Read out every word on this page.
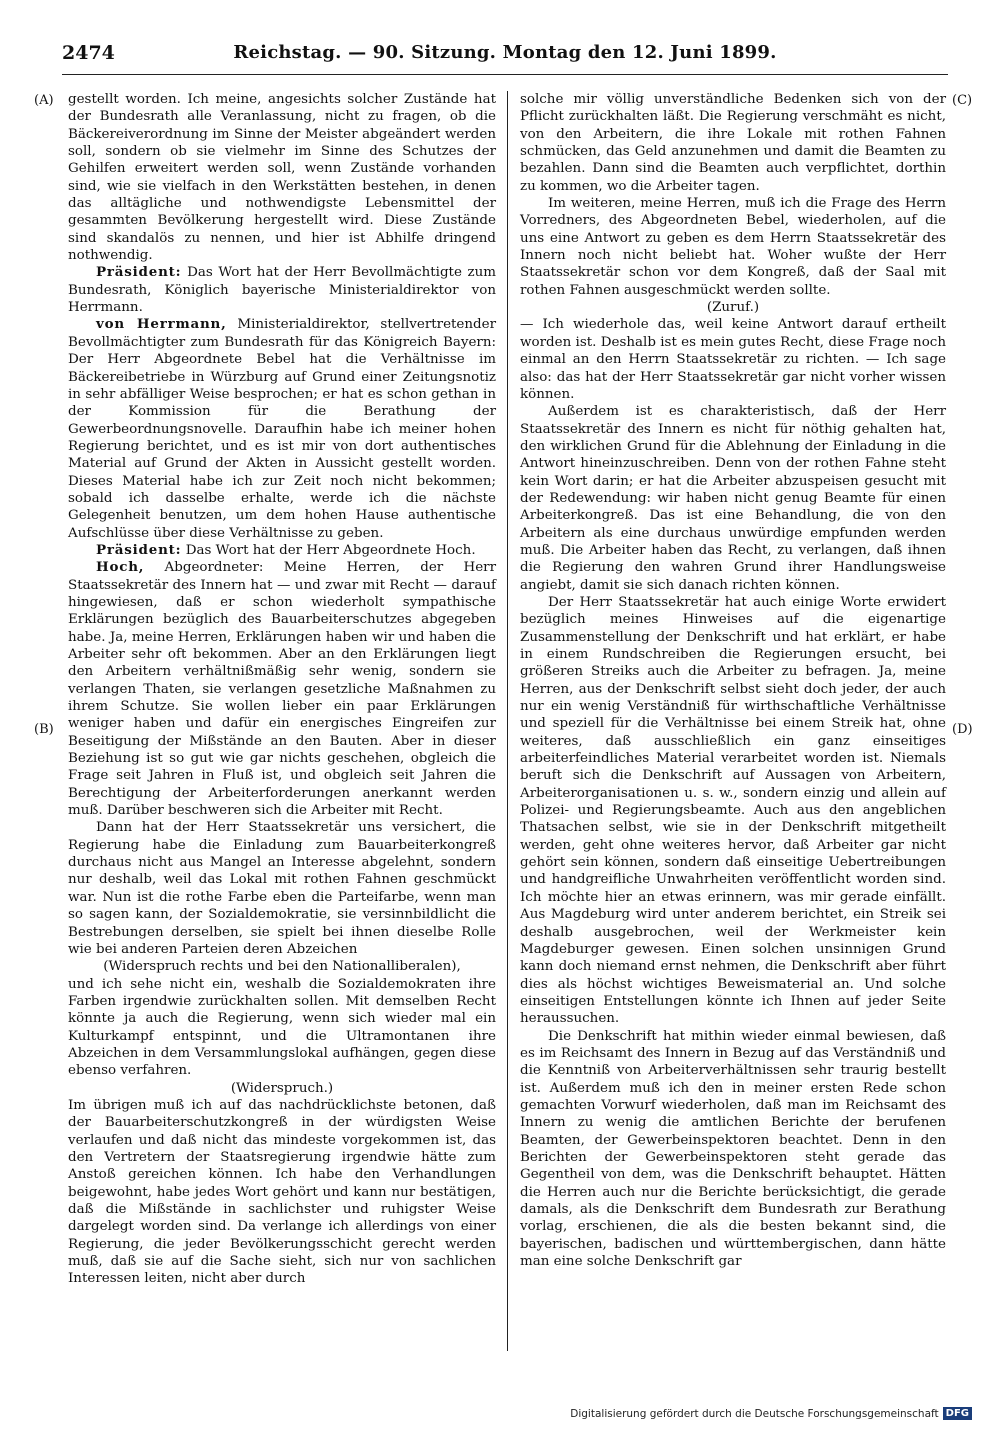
2474	Reichstag. — 90. Sitzung. Montag den 12. Juni 1899.
(A)
(B)
(C)
(D)

gestellt worden. Ich meine, angesichts solcher Zustände hat der Bundesrath alle Veranlassung, nicht zu fragen, ob die Bäckereiverordnung im Sinne der Meister abgeändert werden soll, sondern ob sie vielmehr im Sinne des Schutzes der Gehilfen erweitert werden soll, wenn Zustände vorhanden sind, wie sie vielfach in den Werkstätten bestehen, in denen das alltägliche und nothwendigste Lebensmittel der gesammten Bevölkerung hergestellt wird. Diese Zustände sind skandalös zu nennen, und hier ist Abhilfe dringend nothwendig.

Präsident: Das Wort hat der Herr Bevollmächtigte zum Bundesrath, Königlich bayerische Ministerialdirektor von Herrmann.

von Herrmann, Ministerialdirektor, stellvertretender Bevollmächtigter zum Bundesrath für das Königreich Bayern: Der Herr Abgeordnete Bebel hat die Verhältnisse im Bäckereibetriebe in Würzburg auf Grund einer Zeitungsnotiz in sehr abfälliger Weise besprochen; er hat es schon gethan in der Kommission für die Berathung der Gewerbeordnungsnovelle. Daraufhin habe ich meiner hohen Regierung berichtet, und es ist mir von dort authentisches Material auf Grund der Akten in Aussicht gestellt worden. Dieses Material habe ich zur Zeit noch nicht bekommen; sobald ich dasselbe erhalte, werde ich die nächste Gelegenheit benutzen, um dem hohen Hause authentische Aufschlüsse über diese Verhältnisse zu geben.

Präsident: Das Wort hat der Herr Abgeordnete Hoch.

Hoch, Abgeordneter: Meine Herren, der Herr Staatssekretär des Innern hat — und zwar mit Recht — darauf hingewiesen, daß er schon wiederholt sympathische Erklärungen bezüglich des Bauarbeiterschutzes abgegeben habe. Ja, meine Herren, Erklärungen haben wir und haben die Arbeiter sehr oft bekommen. Aber an den Erklärungen liegt den Arbeitern verhältnißmäßig sehr wenig, sondern sie verlangen Thaten, sie verlangen gesetzliche Maßnahmen zu ihrem Schutze. Sie wollen lieber ein paar Erklärungen weniger haben und dafür ein energisches Eingreifen zur Beseitigung der Mißstände an den Bauten. Aber in dieser Beziehung ist so gut wie gar nichts geschehen, obgleich die Frage seit Jahren in Fluß ist, und obgleich seit Jahren die Berechtigung der Arbeiterforderungen anerkannt werden muß. Darüber beschweren sich die Arbeiter mit Recht.

Dann hat der Herr Staatssekretär uns versichert, die Regierung habe die Einladung zum Bauarbeiterkongreß durchaus nicht aus Mangel an Interesse abgelehnt, sondern nur deshalb, weil das Lokal mit rothen Fahnen geschmückt war. Nun ist die rothe Farbe eben die Parteifarbe, wenn man so sagen kann, der Sozialdemokratie, sie versinnbildlicht die Bestrebungen derselben, sie spielt bei ihnen dieselbe Rolle wie bei anderen Parteien deren Abzeichen

(Widerspruch rechts und bei den Nationalliberalen),

und ich sehe nicht ein, weshalb die Sozialdemokraten ihre Farben irgendwie zurückhalten sollen. Mit demselben Recht könnte ja auch die Regierung, wenn sich wieder mal ein Kulturkampf entspinnt, und die Ultramontanen ihre Abzeichen in dem Versammlungslokal aufhängen, gegen diese ebenso verfahren.

(Widerspruch.)

Im übrigen muß ich auf das nachdrücklichste betonen, daß der Bauarbeiterschutzkongreß in der würdigsten Weise verlaufen und daß nicht das mindeste vorgekommen ist, das den Vertretern der Staatsregierung irgendwie hätte zum Anstoß gereichen können. Ich habe den Verhandlungen beigewohnt, habe jedes Wort gehört und kann nur bestätigen, daß die Mißstände in sachlichster und ruhigster Weise dargelegt worden sind. Da verlange ich allerdings von einer Regierung, die jeder Bevölkerungsschicht gerecht werden muß, daß sie auf die Sache sieht, sich nur von sachlichen Interessen leiten, nicht aber durch

solche mir völlig unverständliche Bedenken sich von der Pflicht zurückhalten läßt. Die Regierung verschmäht es nicht, von den Arbeitern, die ihre Lokale mit rothen Fahnen schmücken, das Geld anzunehmen und damit die Beamten zu bezahlen. Dann sind die Beamten auch verpflichtet, dorthin zu kommen, wo die Arbeiter tagen.

Im weiteren, meine Herren, muß ich die Frage des Herrn Vorredners, des Abgeordneten Bebel, wiederholen, auf die uns eine Antwort zu geben es dem Herrn Staatssekretär des Innern noch nicht beliebt hat. Woher wußte der Herr Staatssekretär schon vor dem Kongreß, daß der Saal mit rothen Fahnen ausgeschmückt werden sollte.

(Zuruf.)

— Ich wiederhole das, weil keine Antwort darauf ertheilt worden ist. Deshalb ist es mein gutes Recht, diese Frage noch einmal an den Herrn Staatssekretär zu richten. — Ich sage also: das hat der Herr Staatssekretär gar nicht vorher wissen können.

Außerdem ist es charakteristisch, daß der Herr Staatssekretär des Innern es nicht für nöthig gehalten hat, den wirklichen Grund für die Ablehnung der Einladung in die Antwort hineinzuschreiben. Denn von der rothen Fahne steht kein Wort darin; er hat die Arbeiter abzuspeisen gesucht mit der Redewendung: wir haben nicht genug Beamte für einen Arbeiterkongreß. Das ist eine Behandlung, die von den Arbeitern als eine durchaus unwürdige empfunden werden muß. Die Arbeiter haben das Recht, zu verlangen, daß ihnen die Regierung den wahren Grund ihrer Handlungsweise angiebt, damit sie sich danach richten können.

Der Herr Staatssekretär hat auch einige Worte erwidert bezüglich meines Hinweises auf die eigenartige Zusammenstellung der Denkschrift und hat erklärt, er habe in einem Rundschreiben die Regierungen ersucht, bei größeren Streiks auch die Arbeiter zu befragen. Ja, meine Herren, aus der Denkschrift selbst sieht doch jeder, der auch nur ein wenig Verständniß für wirthschaftliche Verhältnisse und speziell für die Verhältnisse bei einem Streik hat, ohne weiteres, daß ausschließlich ein ganz einseitiges arbeiterfeindliches Material verarbeitet worden ist. Niemals beruft sich die Denkschrift auf Aussagen von Arbeitern, Arbeiterorganisationen u. s. w., sondern einzig und allein auf Polizei- und Regierungsbeamte. Auch aus den angeblichen Thatsachen selbst, wie sie in der Denkschrift mitgetheilt werden, geht ohne weiteres hervor, daß Arbeiter gar nicht gehört sein können, sondern daß einseitige Uebertreibungen und handgreifliche Unwahrheiten veröffentlicht worden sind. Ich möchte hier an etwas erinnern, was mir gerade einfällt. Aus Magdeburg wird unter anderem berichtet, ein Streik sei deshalb ausgebrochen, weil der Werkmeister kein Magdeburger gewesen. Einen solchen unsinnigen Grund kann doch niemand ernst nehmen, die Denkschrift aber führt dies als höchst wichtiges Beweismaterial an. Und solche einseitigen Entstellungen könnte ich Ihnen auf jeder Seite heraussuchen.

Die Denkschrift hat mithin wieder einmal bewiesen, daß es im Reichsamt des Innern in Bezug auf das Verständniß und die Kenntniß von Arbeiterverhältnissen sehr traurig bestellt ist. Außerdem muß ich den in meiner ersten Rede schon gemachten Vorwurf wiederholen, daß man im Reichsamt des Innern zu wenig die amtlichen Berichte der berufenen Beamten, der Gewerbeinspektoren beachtet. Denn in den Berichten der Gewerbeinspektoren steht gerade das Gegentheil von dem, was die Denkschrift behauptet. Hätten die Herren auch nur die Berichte berücksichtigt, die gerade damals, als die Denkschrift dem Bundesrath zur Berathung vorlag, erschienen, die als die besten bekannt sind, die bayerischen, badischen und württembergischen, dann hätte man eine solche Denkschrift gar

Digitalisierung gefördert durch die Deutsche Forschungsgemeinschaft DFG
